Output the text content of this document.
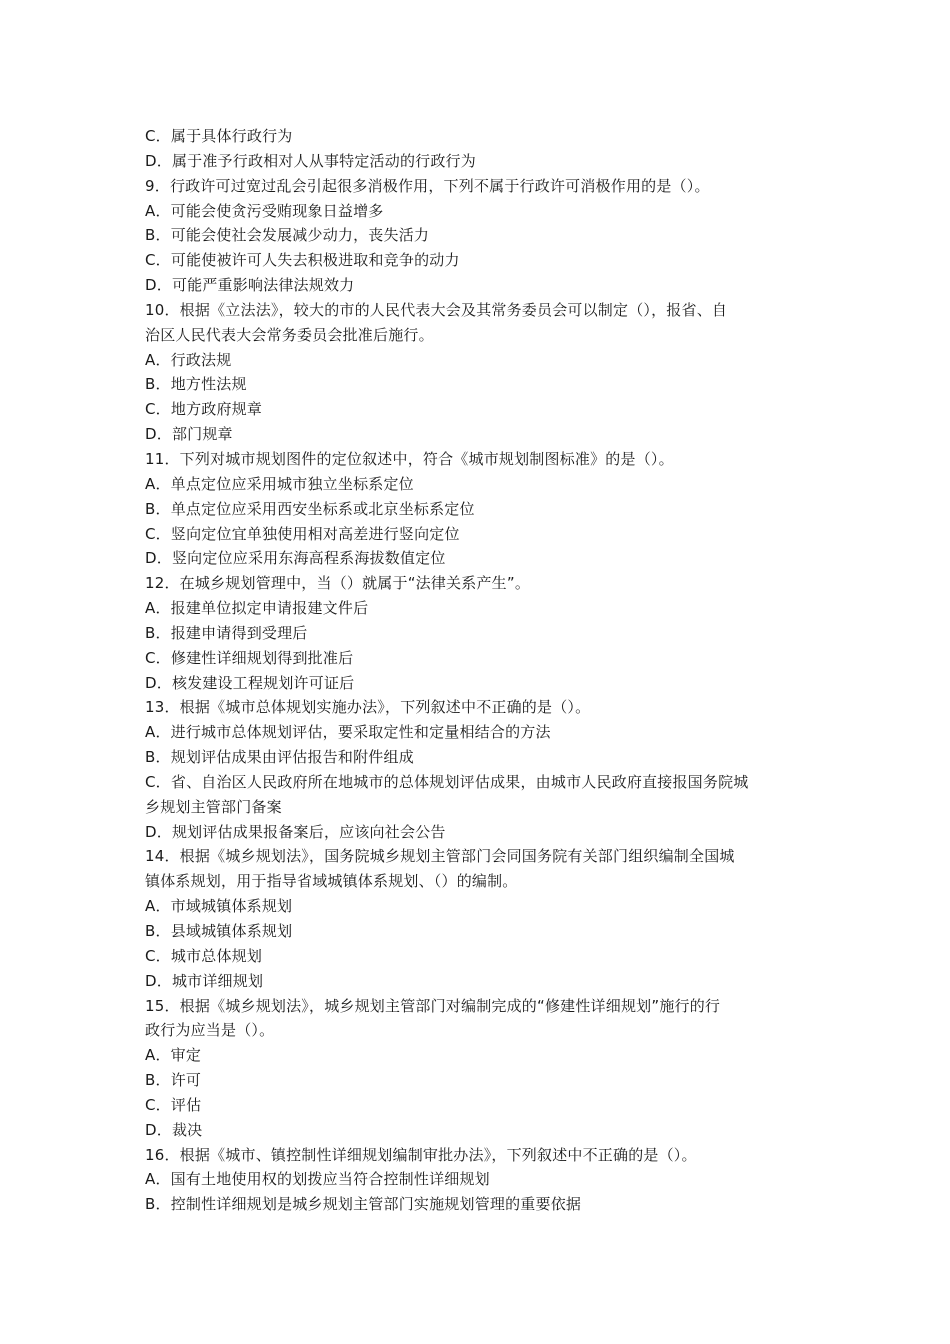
C．属于具体行政行为
D．属于准予行政相对人从事特定活动的行政行为
9．行政许可过宽过乱会引起很多消极作用，下列不属于行政许可消极作用的是（）。
A．可能会使贪污受贿现象日益增多
B．可能会使社会发展减少动力，丧失活力
C．可能使被许可人失去积极进取和竞争的动力
D．可能严重影响法律法规效力
10．根据《立法法》，较大的市的人民代表大会及其常务委员会可以制定（），报省、自
治区人民代表大会常务委员会批准后施行。
A．行政法规
B．地方性法规
C．地方政府规章
D．部门规章
11．下列对城市规划图件的定位叙述中，符合《城市规划制图标准》的是（）。
A．单点定位应采用城市独立坐标系定位
B．单点定位应采用西安坐标系或北京坐标系定位
C．竖向定位宜单独使用相对高差进行竖向定位
D．竖向定位应采用东海高程系海拔数值定位
12．在城乡规划管理中，当（）就属于“法律关系产生”。
A．报建单位拟定申请报建文件后
B．报建申请得到受理后
C．修建性详细规划得到批准后
D．核发建设工程规划许可证后
13．根据《城市总体规划实施办法》，下列叙述中不正确的是（）。
A．进行城市总体规划评估，要采取定性和定量相结合的方法
B．规划评估成果由评估报告和附件组成
C．省、自治区人民政府所在地城市的总体规划评估成果，由城市人民政府直接报国务院城
乡规划主管部门备案
D．规划评估成果报备案后，应该向社会公告
14．根据《城乡规划法》，国务院城乡规划主管部门会同国务院有关部门组织编制全国城
镇体系规划，用于指导省域城镇体系规划、（）的编制。
A．市域城镇体系规划
B．县域城镇体系规划
C．城市总体规划
D．城市详细规划
15．根据《城乡规划法》，城乡规划主管部门对编制完成的“修建性详细规划”施行的行
政行为应当是（）。
A．审定
B．许可
C．评估
D．裁决
16．根据《城市、镇控制性详细规划编制审批办法》，下列叙述中不正确的是（）。
A．国有土地使用权的划拨应当符合控制性详细规划
B．控制性详细规划是城乡规划主管部门实施规划管理的重要依据
